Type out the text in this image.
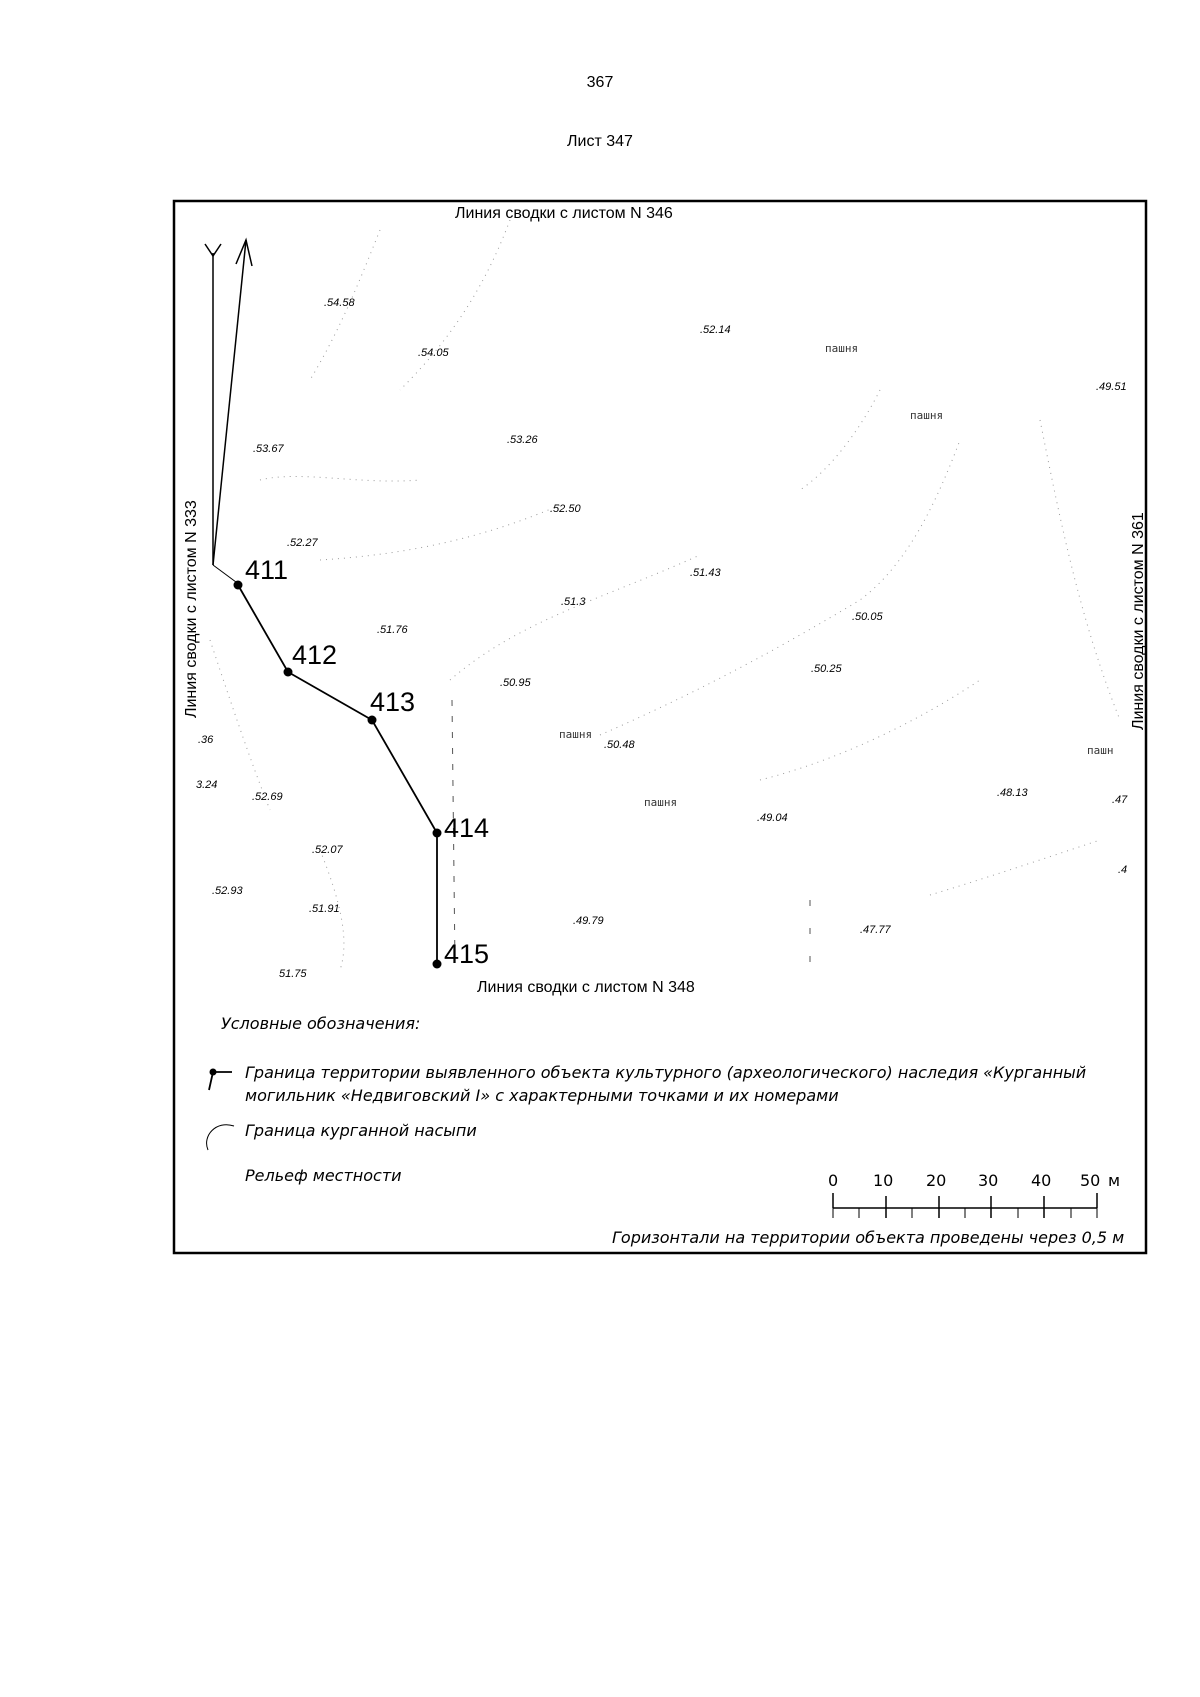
367
Лист 347
411
412
413
414
415
.54.58
.54.05
.52.14
.49.51
.53.67
.53.26
.52.50
.52.27
.51.43
.51.3
.50.05
.51.76
.50.25
.50.95
.36	.50.48
3.24
.52.69	.48.13
.47
.49.04
.52.07
.4
.52.93
.51.91
.49.79
.47.77
51.75
пашня
пашня
пашня
пашня
пашн
Линия сводки с листом N 346
Линия сводки с листом N 348
Линия сводки с листом N 333	Линия сводки с листом N 361
Условные обозначения:
Граница территории выявленного объекта культурного (археологического) наследия «Курганный
могильник «Недвиговский I» с характерными точками и их номерами
Граница курганной насыпи
Рельеф местности
Горизонтали на территории объекта проведены через 0,5 м
0 10 20 30 40 50 м
